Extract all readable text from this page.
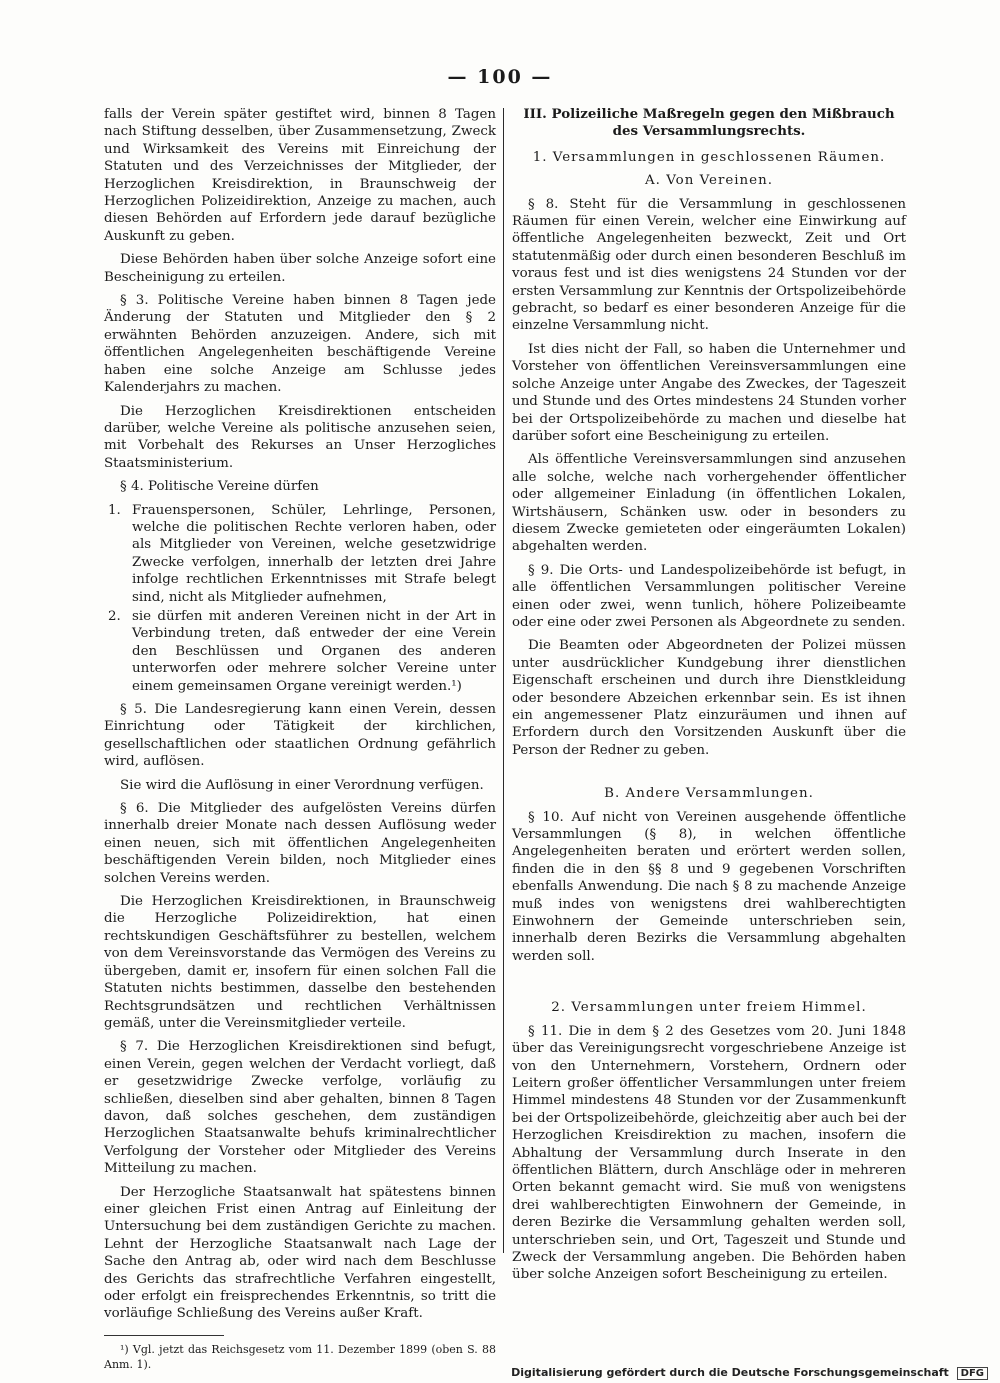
— 100 —

falls der Verein später gestiftet wird, binnen 8 Tagen nach Stiftung desselben, über Zusammensetzung, Zweck und Wirksamkeit des Vereins mit Einreichung der Statuten und des Verzeichnisses der Mitglieder, der Herzoglichen Kreisdirektion, in Braunschweig der Herzoglichen Polizeidirektion, Anzeige zu machen, auch diesen Behörden auf Erfordern jede darauf bezügliche Auskunft zu geben.

Diese Behörden haben über solche Anzeige sofort eine Bescheinigung zu erteilen.

§ 3. Politische Vereine haben binnen 8 Tagen jede Änderung der Statuten und Mitglieder den § 2 erwähnten Behörden anzuzeigen. Andere, sich mit öffentlichen Angelegenheiten beschäftigende Vereine haben eine solche Anzeige am Schlusse jedes Kalenderjahrs zu machen.

Die Herzoglichen Kreisdirektionen entscheiden darüber, welche Vereine als politische anzusehen seien, mit Vorbehalt des Rekurses an Unser Herzogliches Staatsministerium.

§ 4. Politische Vereine dürfen

1. Frauenspersonen, Schüler, Lehrlinge, Personen, welche die politischen Rechte verloren haben, oder als Mitglieder von Vereinen, welche gesetzwidrige Zwecke verfolgen, innerhalb der letzten drei Jahre infolge rechtlichen Erkenntnisses mit Strafe belegt sind, nicht als Mitglieder aufnehmen,
2. sie dürfen mit anderen Vereinen nicht in der Art in Verbindung treten, daß entweder der eine Verein den Beschlüssen und Organen des anderen unterworfen oder mehrere solcher Vereine unter einem gemeinsamen Organe vereinigt werden.¹)

§ 5. Die Landesregierung kann einen Verein, dessen Einrichtung oder Tätigkeit der kirchlichen, gesellschaftlichen oder staatlichen Ordnung gefährlich wird, auflösen.

Sie wird die Auflösung in einer Verordnung verfügen.

§ 6. Die Mitglieder des aufgelösten Vereins dürfen innerhalb dreier Monate nach dessen Auflösung weder einen neuen, sich mit öffentlichen Angelegenheiten beschäftigenden Verein bilden, noch Mitglieder eines solchen Vereins werden.

Die Herzoglichen Kreisdirektionen, in Braunschweig die Herzogliche Polizeidirektion, hat einen rechtskundigen Geschäftsführer zu bestellen, welchem von dem Vereinsvorstande das Vermögen des Vereins zu übergeben, damit er, insofern für einen solchen Fall die Statuten nichts bestimmen, dasselbe den bestehenden Rechtsgrundsätzen und rechtlichen Verhältnissen gemäß, unter die Vereinsmitglieder verteile.

§ 7. Die Herzoglichen Kreisdirektionen sind befugt, einen Verein, gegen welchen der Verdacht vorliegt, daß er gesetzwidrige Zwecke verfolge, vorläufig zu schließen, dieselben sind aber gehalten, binnen 8 Tagen davon, daß solches geschehen, dem zuständigen Herzoglichen Staatsanwalte behufs kriminalrechtlicher Verfolgung der Vorsteher oder Mitglieder des Vereins Mitteilung zu machen.

Der Herzogliche Staatsanwalt hat spätestens binnen einer gleichen Frist einen Antrag auf Einleitung der Untersuchung bei dem zuständigen Gerichte zu machen. Lehnt der Herzogliche Staatsanwalt nach Lage der Sache den Antrag ab, oder wird nach dem Beschlusse des Gerichts das strafrechtliche Verfahren eingestellt, oder erfolgt ein freisprechendes Erkenntnis, so tritt die vorläufige Schließung des Vereins außer Kraft.

¹) Vgl. jetzt das Reichsgesetz vom 11. Dezember 1899 (oben S. 88 Anm. 1).

III. Polizeiliche Maßregeln gegen den Mißbrauch des Versammlungsrechts.
1. Versammlungen in geschlossenen Räumen.
A. Von Vereinen.

§ 8. Steht für die Versammlung in geschlossenen Räumen für einen Verein, welcher eine Einwirkung auf öffentliche Angelegenheiten bezweckt, Zeit und Ort statutenmäßig oder durch einen besonderen Beschluß im voraus fest und ist dies wenigstens 24 Stunden vor der ersten Versammlung zur Kenntnis der Ortspolizeibehörde gebracht, so bedarf es einer besonderen Anzeige für die einzelne Versammlung nicht.

Ist dies nicht der Fall, so haben die Unternehmer und Vorsteher von öffentlichen Vereinsversammlungen eine solche Anzeige unter Angabe des Zweckes, der Tageszeit und Stunde und des Ortes mindestens 24 Stunden vorher bei der Ortspolizeibehörde zu machen und dieselbe hat darüber sofort eine Bescheinigung zu erteilen.

Als öffentliche Vereinsversammlungen sind anzusehen alle solche, welche nach vorhergehender öffentlicher oder allgemeiner Einladung (in öffentlichen Lokalen, Wirtshäusern, Schänken usw. oder in besonders zu diesem Zwecke gemieteten oder eingeräumten Lokalen) abgehalten werden.

§ 9. Die Orts- und Landespolizeibehörde ist befugt, in alle öffentlichen Versammlungen politischer Vereine einen oder zwei, wenn tunlich, höhere Polizeibeamte oder eine oder zwei Personen als Abgeordnete zu senden.

Die Beamten oder Abgeordneten der Polizei müssen unter ausdrücklicher Kundgebung ihrer dienstlichen Eigenschaft erscheinen und durch ihre Dienstkleidung oder besondere Abzeichen erkennbar sein. Es ist ihnen ein angemessener Platz einzuräumen und ihnen auf Erfordern durch den Vorsitzenden Auskunft über die Person der Redner zu geben.

B. Andere Versammlungen.

§ 10. Auf nicht von Vereinen ausgehende öffentliche Versammlungen (§ 8), in welchen öffentliche Angelegenheiten beraten und erörtert werden sollen, finden die in den §§ 8 und 9 gegebenen Vorschriften ebenfalls Anwendung. Die nach § 8 zu machende Anzeige muß indes von wenigstens drei wahlberechtigten Einwohnern der Gemeinde unterschrieben sein, innerhalb deren Bezirks die Versammlung abgehalten werden soll.

2. Versammlungen unter freiem Himmel.

§ 11. Die in dem § 2 des Gesetzes vom 20. Juni 1848 über das Vereinigungsrecht vorgeschriebene Anzeige ist von den Unternehmern, Vorstehern, Ordnern oder Leitern großer öffentlicher Versammlungen unter freiem Himmel mindestens 48 Stunden vor der Zusammenkunft bei der Ortspolizeibehörde, gleichzeitig aber auch bei der Herzoglichen Kreisdirektion zu machen, insofern die Abhaltung der Versammlung durch Inserate in den öffentlichen Blättern, durch Anschläge oder in mehreren Orten bekannt gemacht wird. Sie muß von wenigstens drei wahlberechtigten Einwohnern der Gemeinde, in deren Bezirke die Versammlung gehalten werden soll, unterschrieben sein, und Ort, Tageszeit und Stunde und Zweck der Versammlung angeben. Die Behörden haben über solche Anzeigen sofort Bescheinigung zu erteilen.

Digitalisierung gefördert durch die Deutsche Forschungsgemeinschaft DFG
